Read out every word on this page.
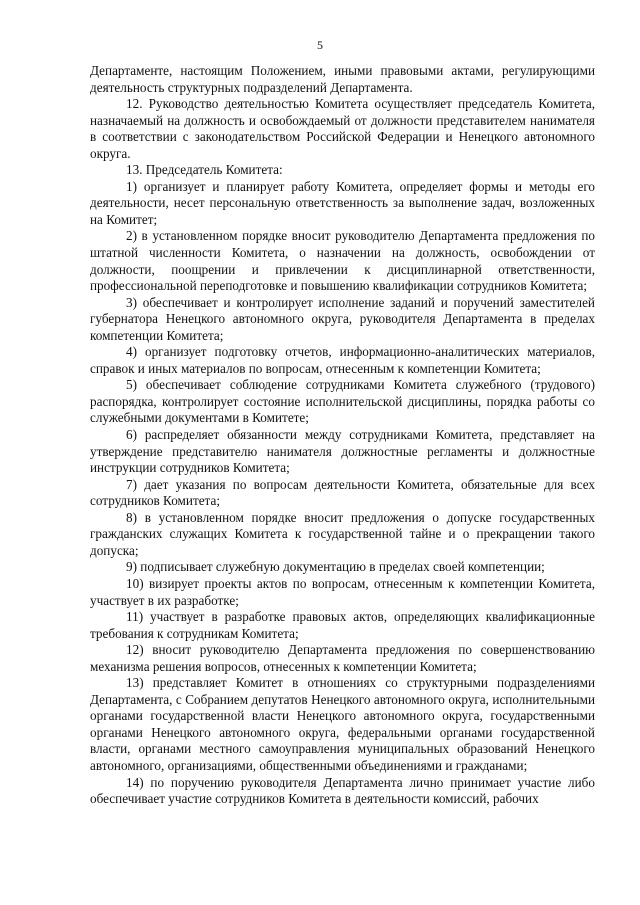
5

Департаменте, настоящим Положением, иными правовыми актами, регулирующими деятельность структурных подразделений Департамента.

12. Руководство деятельностью Комитета осуществляет председатель Комитета, назначаемый на должность и освобождаемый от должности представителем нанимателя в соответствии с законодательством Российской Федерации и Ненецкого автономного округа.

13. Председатель Комитета:

1) организует и планирует работу Комитета, определяет формы и методы его деятельности, несет персональную ответственность за выполнение задач, возложенных на Комитет;

2) в установленном порядке вносит руководителю Департамента предложения по штатной численности Комитета, о назначении на должность, освобождении от должности, поощрении и привлечении к дисциплинарной ответственности, профессиональной переподготовке и повышению квалификации сотрудников Комитета;

3) обеспечивает и контролирует исполнение заданий и поручений заместителей губернатора Ненецкого автономного округа, руководителя Департамента в пределах компетенции Комитета;

4) организует подготовку отчетов, информационно-аналитических материалов, справок и иных материалов по вопросам, отнесенным к компетенции Комитета;

5) обеспечивает соблюдение сотрудниками Комитета служебного (трудового) распорядка, контролирует состояние исполнительской дисциплины, порядка работы со служебными документами в Комитете;

6) распределяет обязанности между сотрудниками Комитета, представляет на утверждение представителю нанимателя должностные регламенты и должностные инструкции сотрудников Комитета;

7) дает указания по вопросам деятельности Комитета, обязательные для всех сотрудников Комитета;

8) в установленном порядке вносит предложения о допуске государственных гражданских служащих Комитета к государственной тайне и о прекращении такого допуска;

9) подписывает служебную документацию в пределах своей компетенции;

10) визирует проекты актов по вопросам, отнесенным к компетенции Комитета, участвует в их разработке;

11) участвует в разработке правовых актов, определяющих квалификационные требования к сотрудникам Комитета;

12) вносит руководителю Департамента предложения по совершенствованию механизма решения вопросов, отнесенных к компетенции Комитета;

13) представляет Комитет в отношениях со структурными подразделениями Департамента, с Собранием депутатов Ненецкого автономного округа, исполнительными органами государственной власти Ненецкого автономного округа, государственными органами Ненецкого автономного округа, федеральными органами государственной власти, органами местного самоуправления муниципальных образований Ненецкого автономного, организациями, общественными объединениями и гражданами;

14) по поручению руководителя Департамента лично принимает участие либо обеспечивает участие сотрудников Комитета в деятельности комиссий, рабочих
